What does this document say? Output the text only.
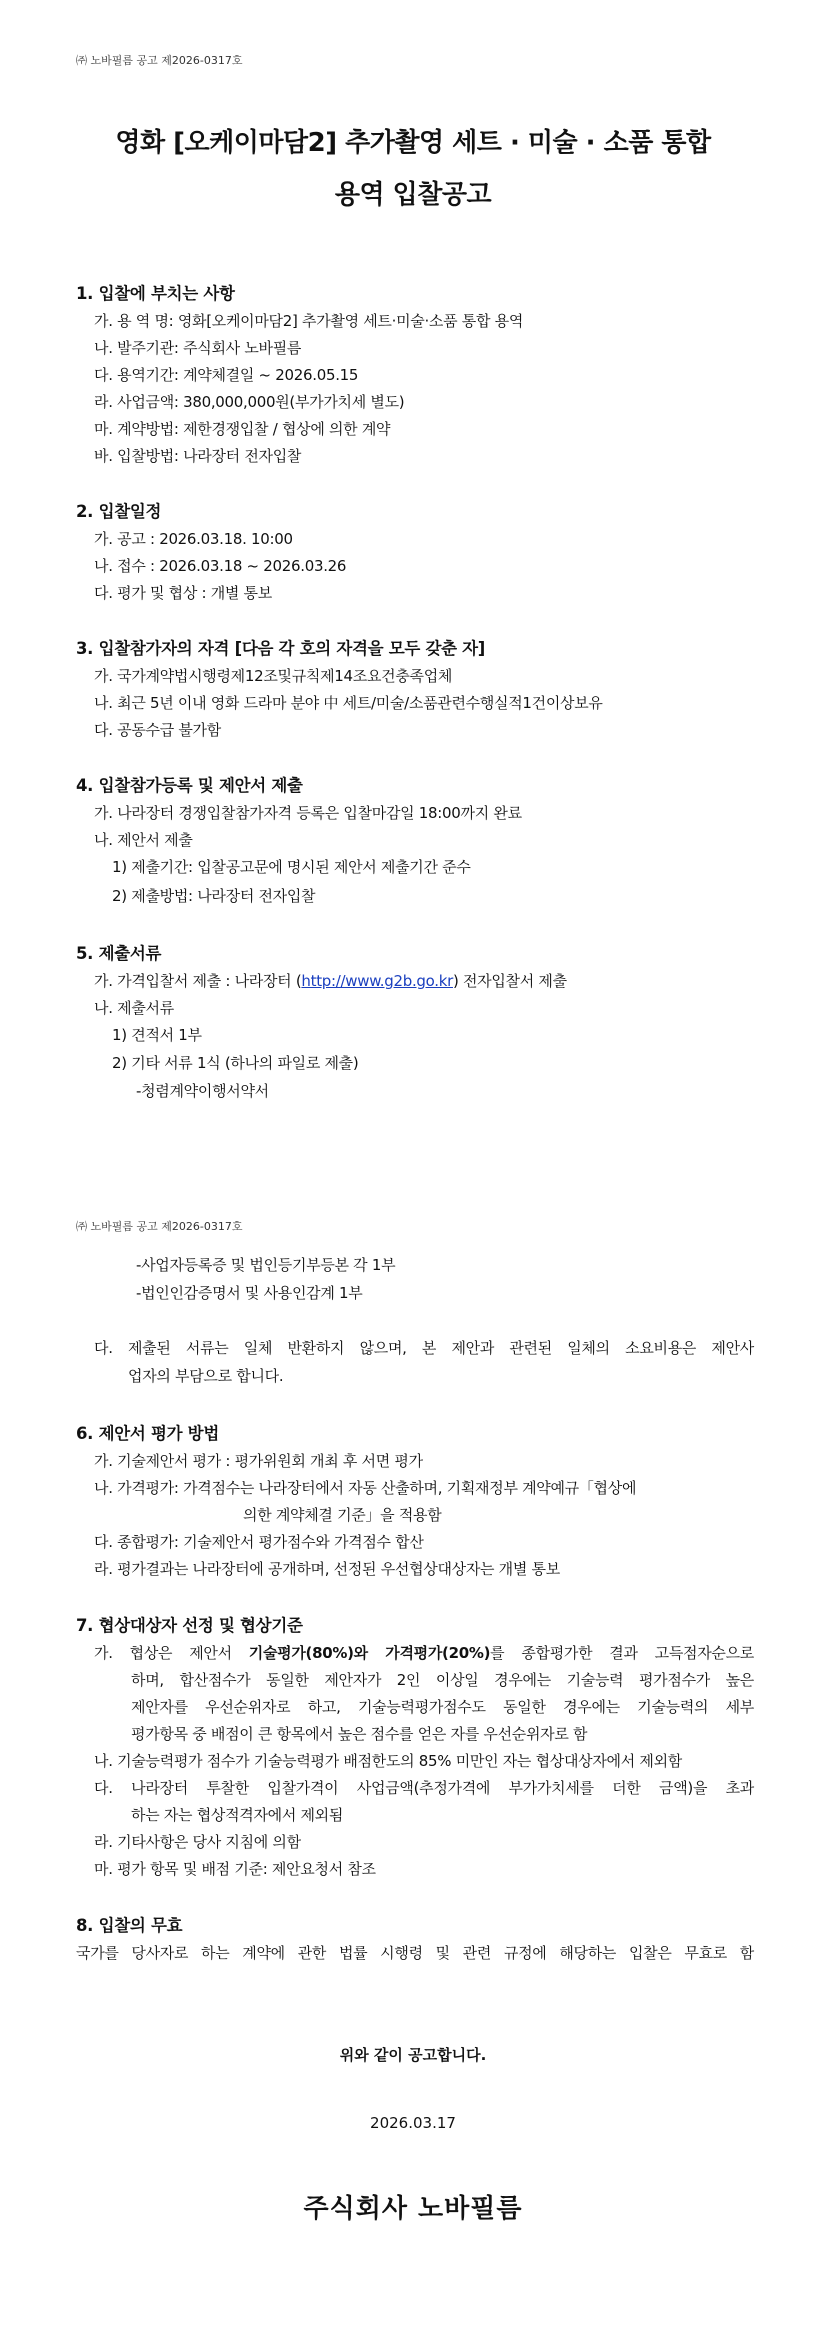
㈜ 노바필름 공고 제2026-0317호
영화 [오케이마담2] 추가촬영 세트 · 미술 · 소품 통합
용역 입찰공고
1. 입찰에 부치는 사항
가. 용 역 명: 영화[오케이마담2] 추가촬영 세트·미술·소품 통합 용역
나. 발주기관: 주식회사 노바필름
다. 용역기간: 계약체결일 ~ 2026.05.15
라. 사업금액: 380,000,000원(부가가치세 별도)
마. 계약방법: 제한경쟁입찰 / 협상에 의한 계약
바. 입찰방법: 나라장터 전자입찰
2. 입찰일정
가. 공고 : 2026.03.18. 10:00
나. 접수 : 2026.03.18 ~ 2026.03.26
다. 평가 및 협상 : 개별 통보
3. 입찰참가자의 자격 [다음 각 호의 자격을 모두 갖춘 자]
가. 국가계약법시행령제12조및규칙제14조요건충족업체
나. 최근 5년 이내 영화 드라마 분야 中 세트/미술/소품관련수행실적1건이상보유
다. 공동수급 불가함
4. 입찰참가등록 및 제안서 제출
가. 나라장터 경쟁입찰참가자격 등록은 입찰마감일 18:00까지 완료
나. 제안서 제출
1) 제출기간: 입찰공고문에 명시된 제안서 제출기간 준수
2) 제출방법: 나라장터 전자입찰
5. 제출서류
가. 가격입찰서 제출 : 나라장터 (http://www.g2b.go.kr) 전자입찰서 제출
나. 제출서류
1) 견적서 1부
2) 기타 서류 1식 (하나의 파일로 제출)
-청렴계약이행서약서
㈜ 노바필름 공고 제2026-0317호
-사업자등록증 및 법인등기부등본 각 1부
-법인인감증명서 및 사용인감계 1부
다. 제출된 서류는 일체 반환하지 않으며, 본 제안과 관련된 일체의 소요비용은 제안사
업자의 부담으로 합니다.
6. 제안서 평가 방법
가. 기술제안서 평가 : 평가위원회 개최 후 서면 평가
나. 가격평가: 가격점수는 나라장터에서 자동 산출하며, 기획재정부 계약예규「협상에
의한 계약체결 기준」을 적용함
다. 종합평가: 기술제안서 평가점수와 가격점수 합산
라. 평가결과는 나라장터에 공개하며, 선정된 우선협상대상자는 개별 통보
7. 협상대상자 선정 및 협상기준
가. 협상은 제안서 기술평가(80%)와 가격평가(20%)를 종합평가한 결과 고득점자순으로
하며, 합산점수가 동일한 제안자가 2인 이상일 경우에는 기술능력 평가점수가 높은
제안자를 우선순위자로 하고, 기술능력평가점수도 동일한 경우에는 기술능력의 세부
평가항목 중 배점이 큰 항목에서 높은 점수를 얻은 자를 우선순위자로 함
나. 기술능력평가 점수가 기술능력평가 배점한도의 85% 미만인 자는 협상대상자에서 제외함
다. 나라장터 투찰한 입찰가격이 사업금액(추정가격에 부가가치세를 더한 금액)을 초과
하는 자는 협상적격자에서 제외됨
라. 기타사항은 당사 지침에 의함
마. 평가 항목 및 배점 기준: 제안요청서 참조
8. 입찰의 무효
국가를 당사자로 하는 계약에 관한 법률 시행령 및 관련 규정에 해당하는 입찰은 무효로 함
위와 같이 공고합니다.
2026.03.17
주식회사 노바필름
